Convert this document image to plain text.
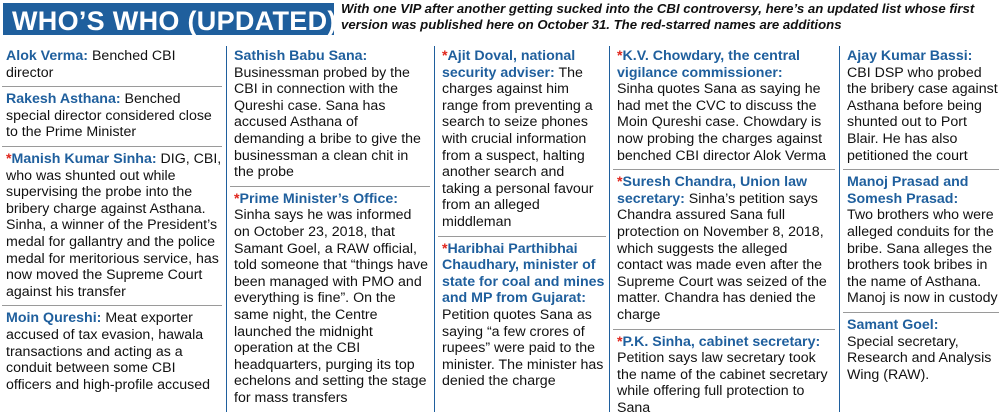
WHO’S WHO (UPDATED) With one VIP after another getting sucked into the CBI controversy, here’s an updated list whose first version was published here on October 31. The red-starred names are additions
Alok Verma: Benched CBI director
Rakesh Asthana: Benched special director considered close to the Prime Minister
*Manish Kumar Sinha: DIG, CBI, who was shunted out while supervising the probe into the bribery charge against Asthana. Sinha, a winner of the President’s medal for gallantry and the police medal for meritorious service, has now moved the Supreme Court against his transfer
Moin Qureshi: Meat exporter accused of tax evasion, hawala transactions and acting as a conduit between some CBI officers and high-profile accused
Sathish Babu Sana:
Businessman probed by the CBI in connection with the Qureshi case. Sana has accused Asthana of demanding a bribe to give the businessman a clean chit in the probe
*Prime Minister’s Office:
Sinha says he was informed on October 23, 2018, that Samant Goel, a RAW official, told someone that “things have been managed with PMO and everything is fine”. On the same night, the Centre launched the midnight operation at the CBI headquarters, purging its top echelons and setting the stage for mass transfers
*Ajit Doval, national security adviser: The charges against him range from preventing a search to seize phones with crucial information from a suspect, halting another search and taking a personal favour from an alleged middleman
*Haribhai Parthibhai Chaudhary, minister of state for coal and mines and MP from Gujarat: Petition quotes Sana as saying “a few crores of rupees” were paid to the minister. The minister has denied the charge
*K.V. Chowdary, the central vigilance commissioner:
Sinha quotes Sana as saying he had met the CVC to discuss the Moin Qureshi case. Chowdary is now probing the charges against benched CBI director Alok Verma
*Suresh Chandra, Union law secretary: Sinha’s petition says Chandra assured Sana full protection on November 8, 2018, which suggests the alleged contact was made even after the Supreme Court was seized of the matter. Chandra has denied the charge
*P.K. Sinha, cabinet secretary: Petition says law secretary took the name of the cabinet secretary while offering full protection to Sana
Ajay Kumar Bassi:
CBI DSP who probed the bribery case against Asthana before being shunted out to Port Blair. He has also petitioned the court
Manoj Prasad and Somesh Prasad:
Two brothers who were alleged conduits for the bribe. Sana alleges the brothers took bribes in the name of Asthana. Manoj is now in custody
Samant Goel:
Special secretary, Research and Analysis Wing (RAW).
